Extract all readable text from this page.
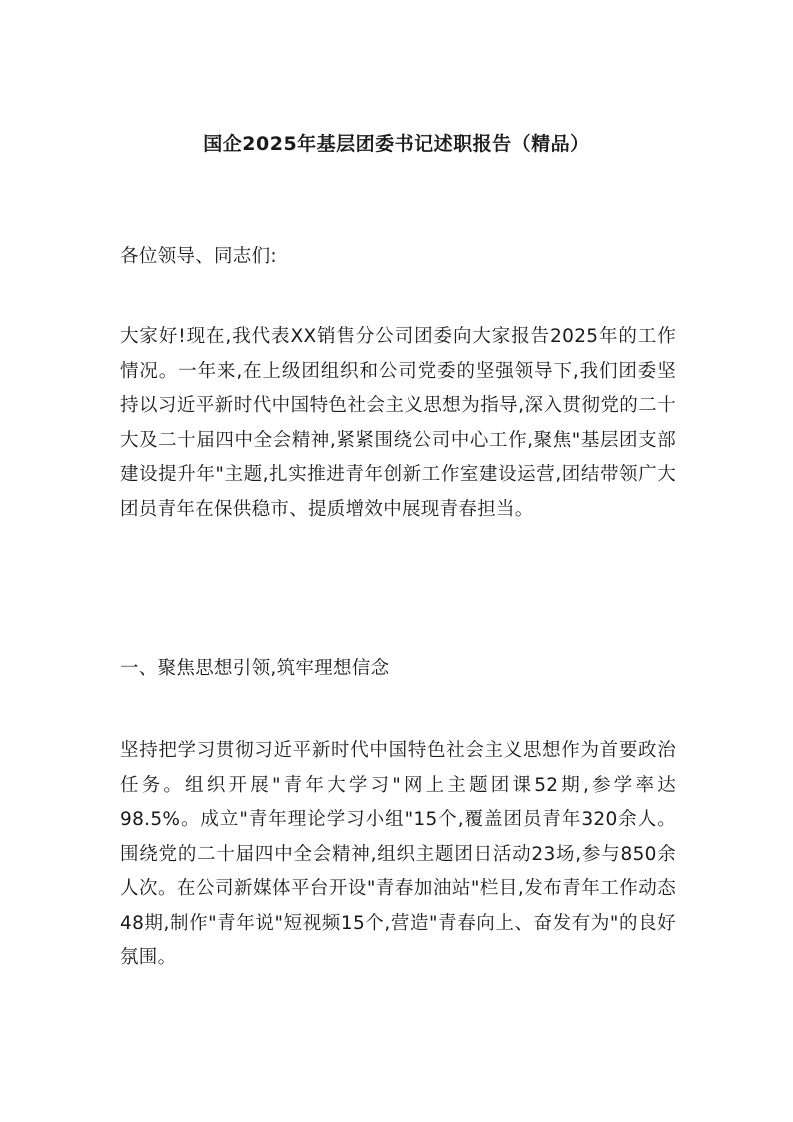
国企2025年基层团委书记述职报告（精品）
各位领导、同志们:
大家好!现在,我代表XX销售分公司团委向大家报告2025年的工作情况。一年来,在上级团组织和公司党委的坚强领导下,我们团委坚持以习近平新时代中国特色社会主义思想为指导,深入贯彻党的二十大及二十届四中全会精神,紧紧围绕公司中心工作,聚焦"基层团支部建设提升年"主题,扎实推进青年创新工作室建设运营,团结带领广大团员青年在保供稳市、提质增效中展现青春担当。
一、聚焦思想引领,筑牢理想信念
坚持把学习贯彻习近平新时代中国特色社会主义思想作为首要政治任务。组织开展"青年大学习"网上主题团课52期,参学率达98.5%。成立"青年理论学习小组"15个,覆盖团员青年320余人。围绕党的二十届四中全会精神,组织主题团日活动23场,参与850余人次。在公司新媒体平台开设"青春加油站"栏目,发布青年工作动态48期,制作"青年说"短视频15个,营造"青春向上、奋发有为"的良好氛围。
